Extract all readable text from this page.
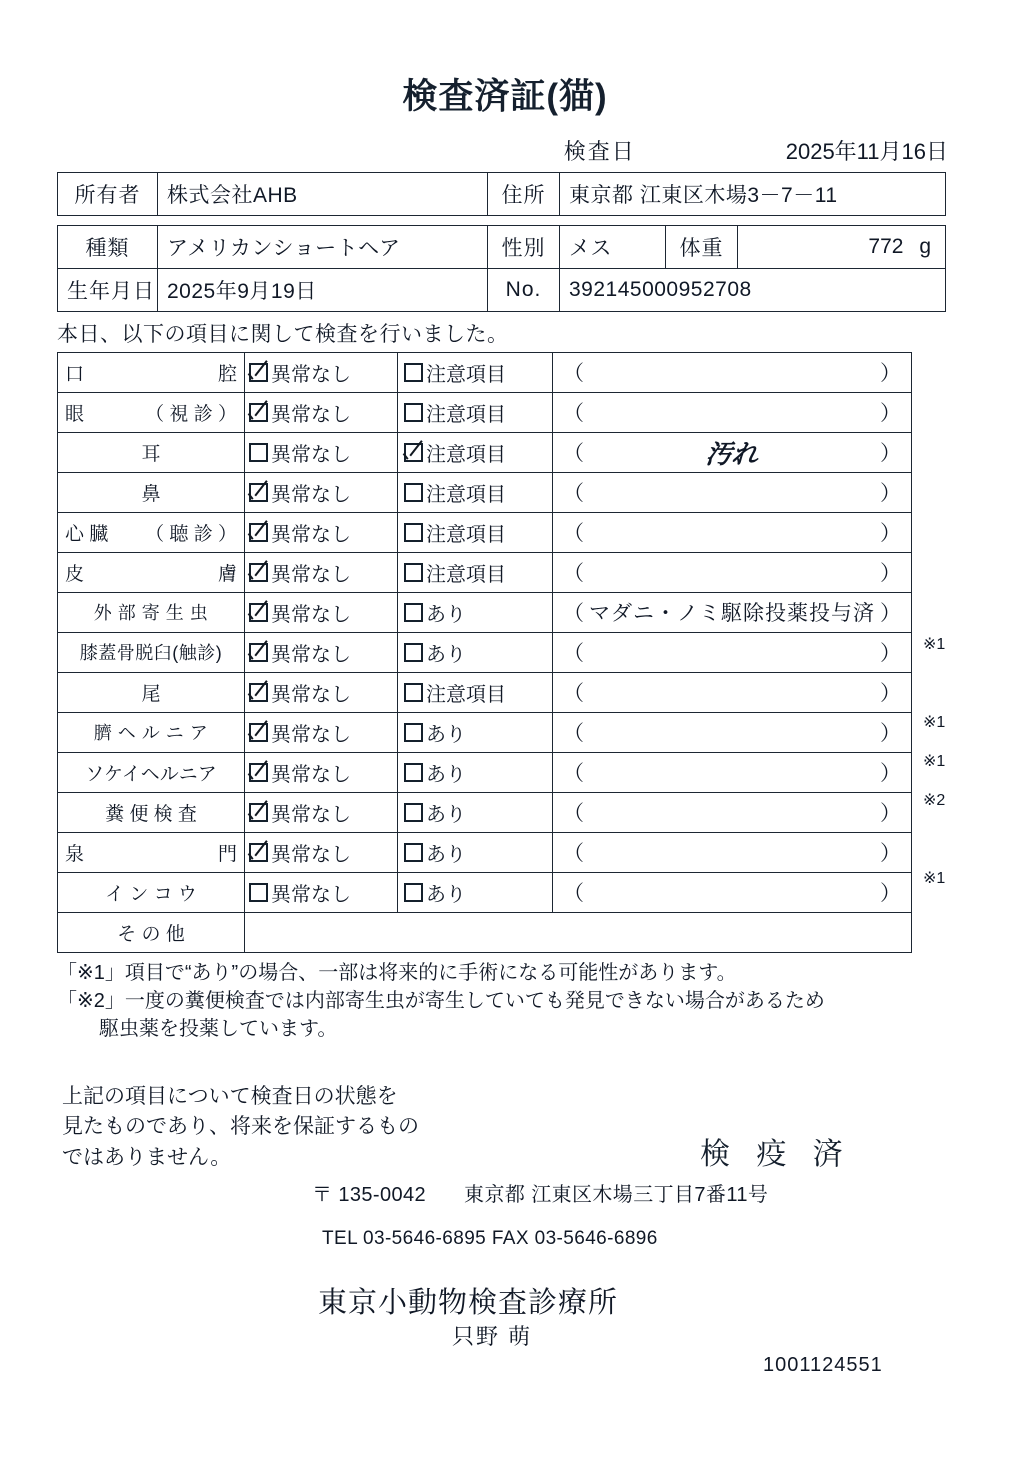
検査済証(猫)
検査日	2025年11月16日
所有者	株式会社AHB	住所	東京都 江東区木場3－7－11
種類	アメリカンショートヘア	性別	メス	体重	772 g
生年月日	2025年9月19日	No.	392145000952708		
本日、以下の項目に関して検査を行いました。
口 腔	異常なし	注意項目	（ ）

眼 （ 視 診 ）	異常なし	注意項目	（ ）

耳	異常なし	注意項目	（ 汚れ ）

鼻	異常なし	注意項目	（ ）

心 臓 （ 聴 診 ）	異常なし	注意項目	（ ）

皮 膚	異常なし	注意項目	（ ）

外 部 寄 生 虫	異常なし	あり	（ マダニ・ノミ駆除投薬投与済 ）

膝蓋骨脱臼(触診)	異常なし	あり	（ ）

尾	異常なし	注意項目	（ ）

臍 ヘ ル ニ ア	異常なし	あり	（ ）

ソケイヘルニア	異常なし	あり	（ ）

糞 便 検 査	異常なし	あり	（ ）

泉 門	異常なし	あり	（ ）

イ ン コ ウ	異常なし	あり	（ ）

そ の 他			

※1
※1
※1
※2
※1
「※1」項目で“あり”の場合、一部は将来的に手術になる可能性があります。
「※2」一度の糞便検査では内部寄生虫が寄生していても発見できない場合があるため
駆虫薬を投薬しています。
上記の項目について検査日の状態を
見たものであり、将来を保証するもの
ではありません。	検 疫 済
〒 135-0042 東京都 江東区木場三丁目7番11号
TEL 03-5646-6895 FAX 03-5646-6896
東京小動物検査診療所
只野 萌
1001124551
